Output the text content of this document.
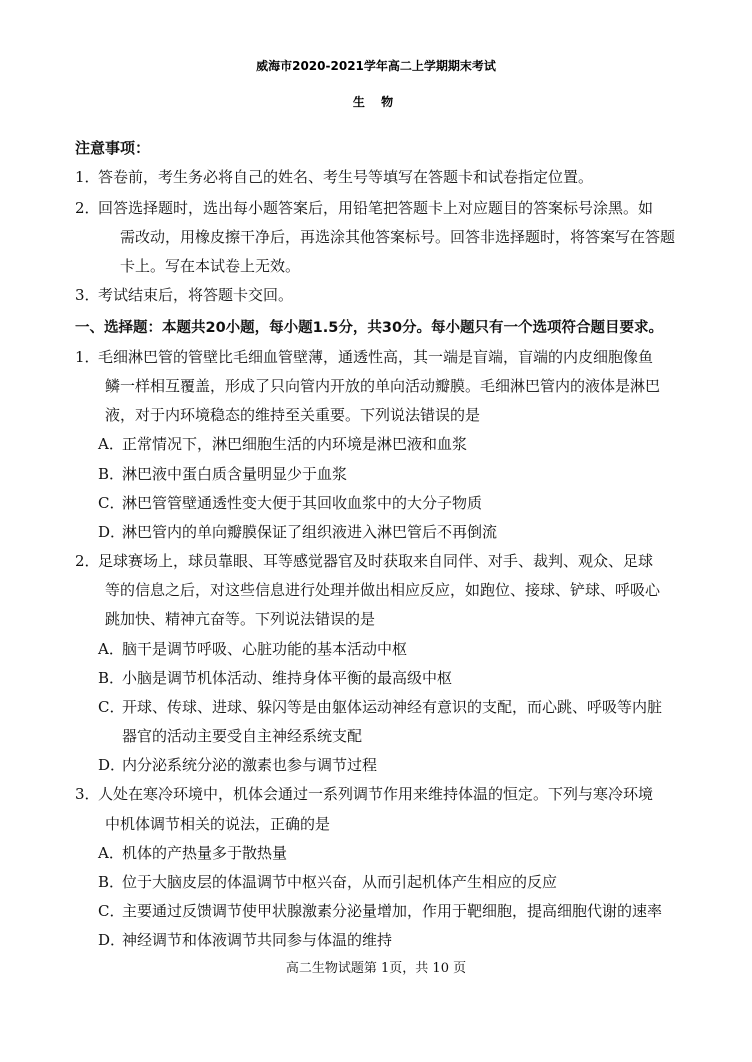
威海市2020-2021学年高二上学期期末考试
生 物
注意事项：
1．
答卷前，考生务必将自己的姓名、考生号等填写在答题卡和试卷指定位置。
2．
回答选择题时，选出每小题答案后，用铅笔把答题卡上对应题目的答案标号涂黑。如
需改动，用橡皮擦干净后，再选涂其他答案标号。回答非选择题时，将答案写在答题
卡上。写在本试卷上无效。
3．
考试结束后，将答题卡交回。
一、选择题：本题共20小题，每小题1.5分，共30分。每小题只有一个选项符合题目要求。
1．
毛细淋巴管的管壁比毛细血管壁薄，通透性高，其一端是盲端，盲端的内皮细胞像鱼
鳞一样相互覆盖，形成了只向管内开放的单向活动瓣膜。毛细淋巴管内的液体是淋巴
液，对于内环境稳态的维持至关重要。下列说法错误的是
A．
正常情况下，淋巴细胞生活的内环境是淋巴液和血浆
B．
淋巴液中蛋白质含量明显少于血浆
C．
淋巴管管壁通透性变大便于其回收血浆中的大分子物质
D．
淋巴管内的单向瓣膜保证了组织液进入淋巴管后不再倒流
2．
足球赛场上，球员靠眼、耳等感觉器官及时获取来自同伴、对手、裁判、观众、足球
等的信息之后，对这些信息进行处理并做出相应反应，如跑位、接球、铲球、呼吸心
跳加快、精神亢奋等。下列说法错误的是
A．
脑干是调节呼吸、心脏功能的基本活动中枢
B．
小脑是调节机体活动、维持身体平衡的最高级中枢
C．
开球、传球、进球、躲闪等是由躯体运动神经有意识的支配，而心跳、呼吸等内脏
器官的活动主要受自主神经系统支配
D．
内分泌系统分泌的激素也参与调节过程
3．
人处在寒冷环境中，机体会通过一系列调节作用来维持体温的恒定。下列与寒冷环境
中机体调节相关的说法，正确的是
A．
机体的产热量多于散热量
B．
位于大脑皮层的体温调节中枢兴奋，从而引起机体产生相应的反应
C．
主要通过反馈调节使甲状腺激素分泌量增加，作用于靶细胞，提高细胞代谢的速率
D．
神经调节和体液调节共同参与体温的维持
高二生物试题第 1页，共 10 页
